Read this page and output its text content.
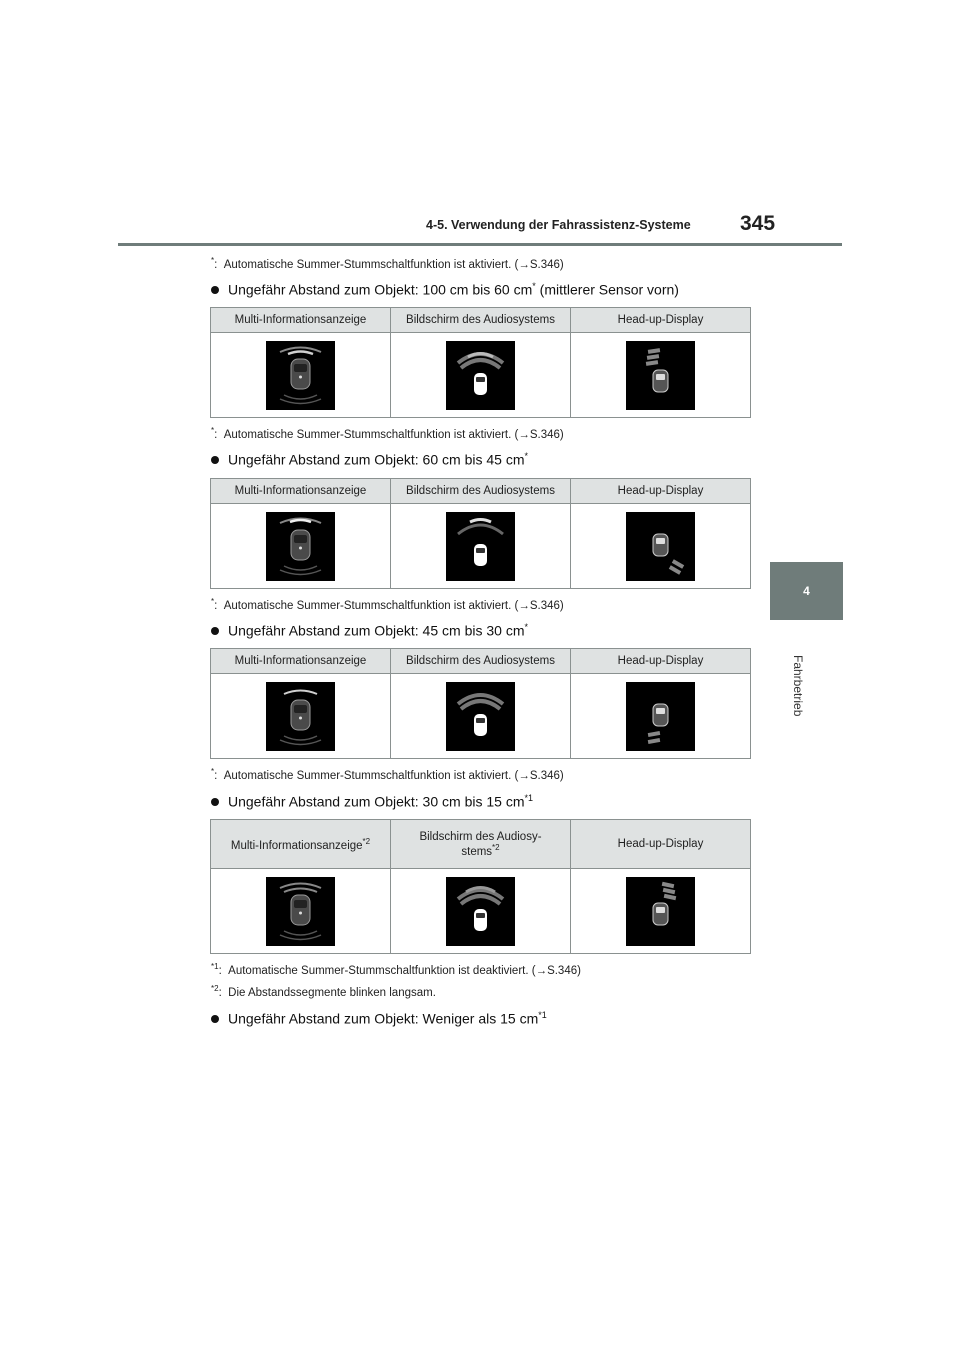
4-5. Verwendung der Fahrassistenz-Systeme 345
4
Fahrbetrieb
*:  Automatische Summer-Stummschaltfunktion ist aktiviert. (→S.346)
Ungefähr Abstand zum Objekt: 100 cm bis 60 cm* (mittlerer Sensor vorn)
Multi-Informationsanzeige	Bildschirm des Audiosystems	Head-up-Display

*:  Automatische Summer-Stummschaltfunktion ist aktiviert. (→S.346)
Ungefähr Abstand zum Objekt: 60 cm bis 45 cm*
Multi-Informationsanzeige	Bildschirm des Audiosystems	Head-up-Display

*:  Automatische Summer-Stummschaltfunktion ist aktiviert. (→S.346)
Ungefähr Abstand zum Objekt: 45 cm bis 30 cm*
Multi-Informationsanzeige	Bildschirm des Audiosystems	Head-up-Display

*:  Automatische Summer-Stummschaltfunktion ist aktiviert. (→S.346)
Ungefähr Abstand zum Objekt: 30 cm bis 15 $cm^{*1}$
Multi-Informationsanzeige$^{*2}$	Bildschirm des Audiosy-
stems$^{*2}$	Head-up-Display

$^{*1}$:  Automatische Summer-Stummschaltfunktion ist deaktiviert. (→S.346)
$^{*2}$:  Die Abstandssegmente blinken langsam.
Ungefähr Abstand zum Objekt: Weniger als 15 $cm^{*1}$
